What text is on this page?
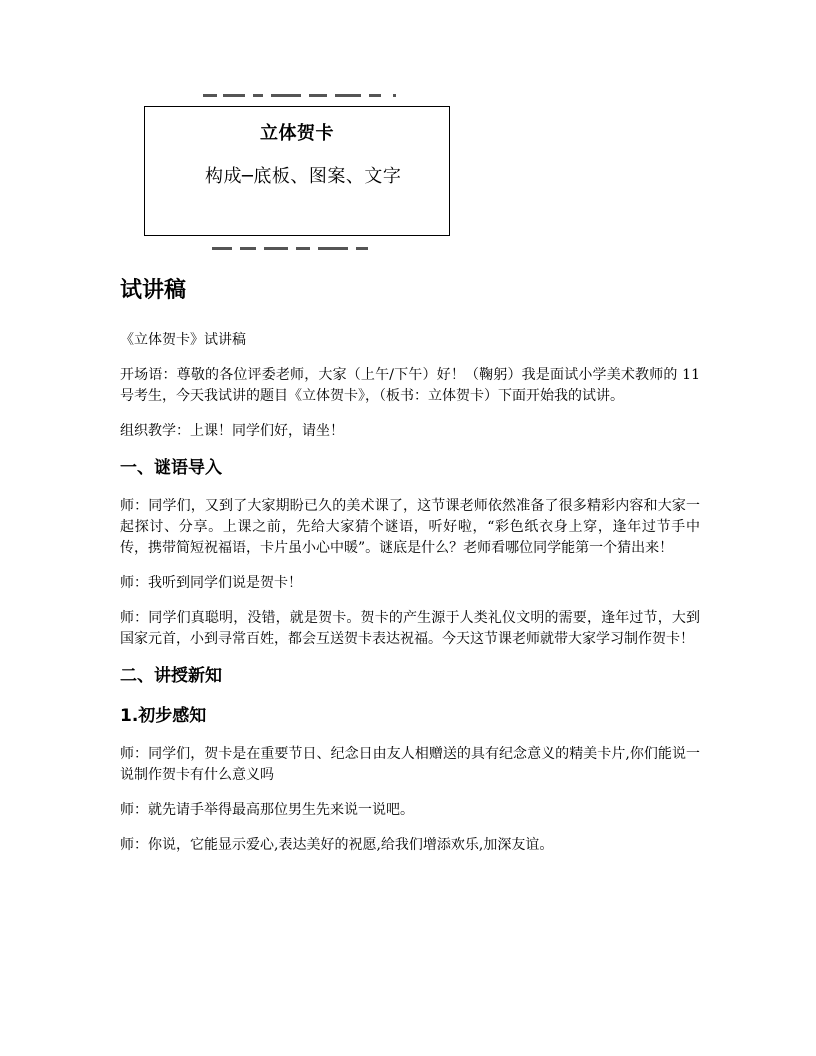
立体贺卡
构成─底板、图案、文字
试讲稿

《立体贺卡》试讲稿

开场语：尊敬的各位评委老师，大家（上午/下午）好！（鞠躬）我是面试小学美术教师的 11 号考生，今天我试讲的题目《立体贺卡》，（板书：立体贺卡）下面开始我的试讲。

组织教学：上课！同学们好，请坐！

一、谜语导入

师：同学们，又到了大家期盼已久的美术课了，这节课老师依然准备了很多精彩内容和大家一起探讨、分享。上课之前，先给大家猜个谜语，听好啦，“彩色纸衣身上穿，逢年过节手中传，携带简短祝福语，卡片虽小心中暖”。谜底是什么？老师看哪位同学能第一个猜出来！

师：我听到同学们说是贺卡！

师：同学们真聪明，没错，就是贺卡。贺卡的产生源于人类礼仪文明的需要，逢年过节，大到国家元首，小到寻常百姓，都会互送贺卡表达祝福。今天这节课老师就带大家学习制作贺卡！

二、讲授新知
1.初步感知

师：同学们，贺卡是在重要节日、纪念日由友人相赠送的具有纪念意义的精美卡片,你们能说一说制作贺卡有什么意义吗

师：就先请手举得最高那位男生先来说一说吧。

师：你说，它能显示爱心,表达美好的祝愿,给我们增添欢乐,加深友谊。
